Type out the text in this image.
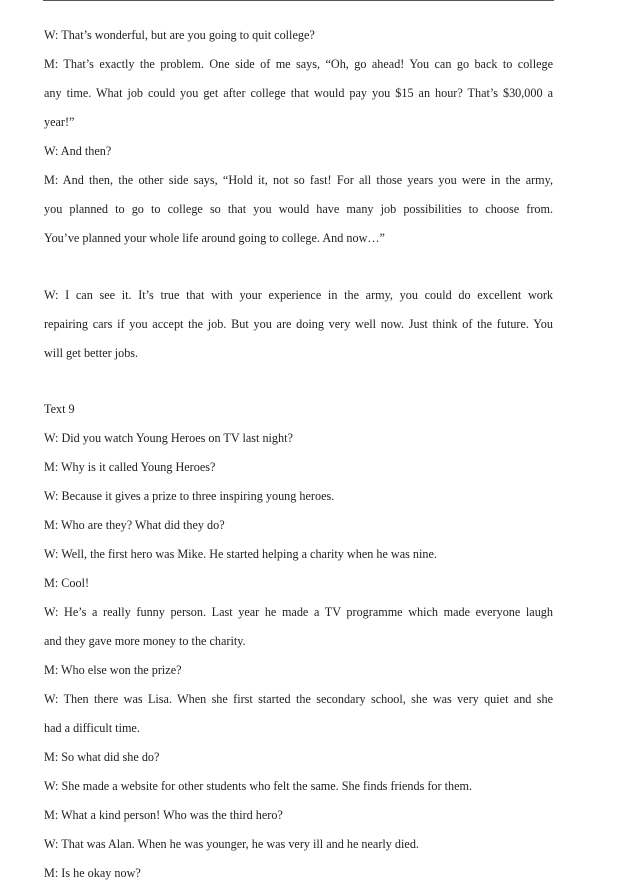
W: That’s wonderful, but are you going to quit college?
M: That’s exactly the problem. One side of me says, “Oh, go ahead! You can go back to college
any time. What job could you get after college that would pay you $15 an hour? That’s $30,000 a
year!”
W: And then?
M: And then, the other side says, “Hold it, not so fast! For all those years you were in the army,
you planned to go to college so that you would have many job possibilities to choose from.
You’ve planned your whole life around going to college. And now…”
W: I can see it. It’s true that with your experience in the army, you could do excellent work
repairing cars if you accept the job. But you are doing very well now. Just think of the future. You
will get better jobs.
Text 9
W: Did you watch Young Heroes on TV last night?
M: Why is it called Young Heroes?
W: Because it gives a prize to three inspiring young heroes.
M: Who are they? What did they do?
W: Well, the first hero was Mike. He started helping a charity when he was nine.
M: Cool!
W: He’s a really funny person. Last year he made a TV programme which made everyone laugh
and they gave more money to the charity.
M: Who else won the prize?
W: Then there was Lisa. When she first started the secondary school, she was very quiet and she
had a difficult time.
M: So what did she do?
W: She made a website for other students who felt the same. She finds friends for them.
M: What a kind person! Who was the third hero?
W: That was Alan. When he was younger, he was very ill and he nearly died.
M: Is he okay now?
